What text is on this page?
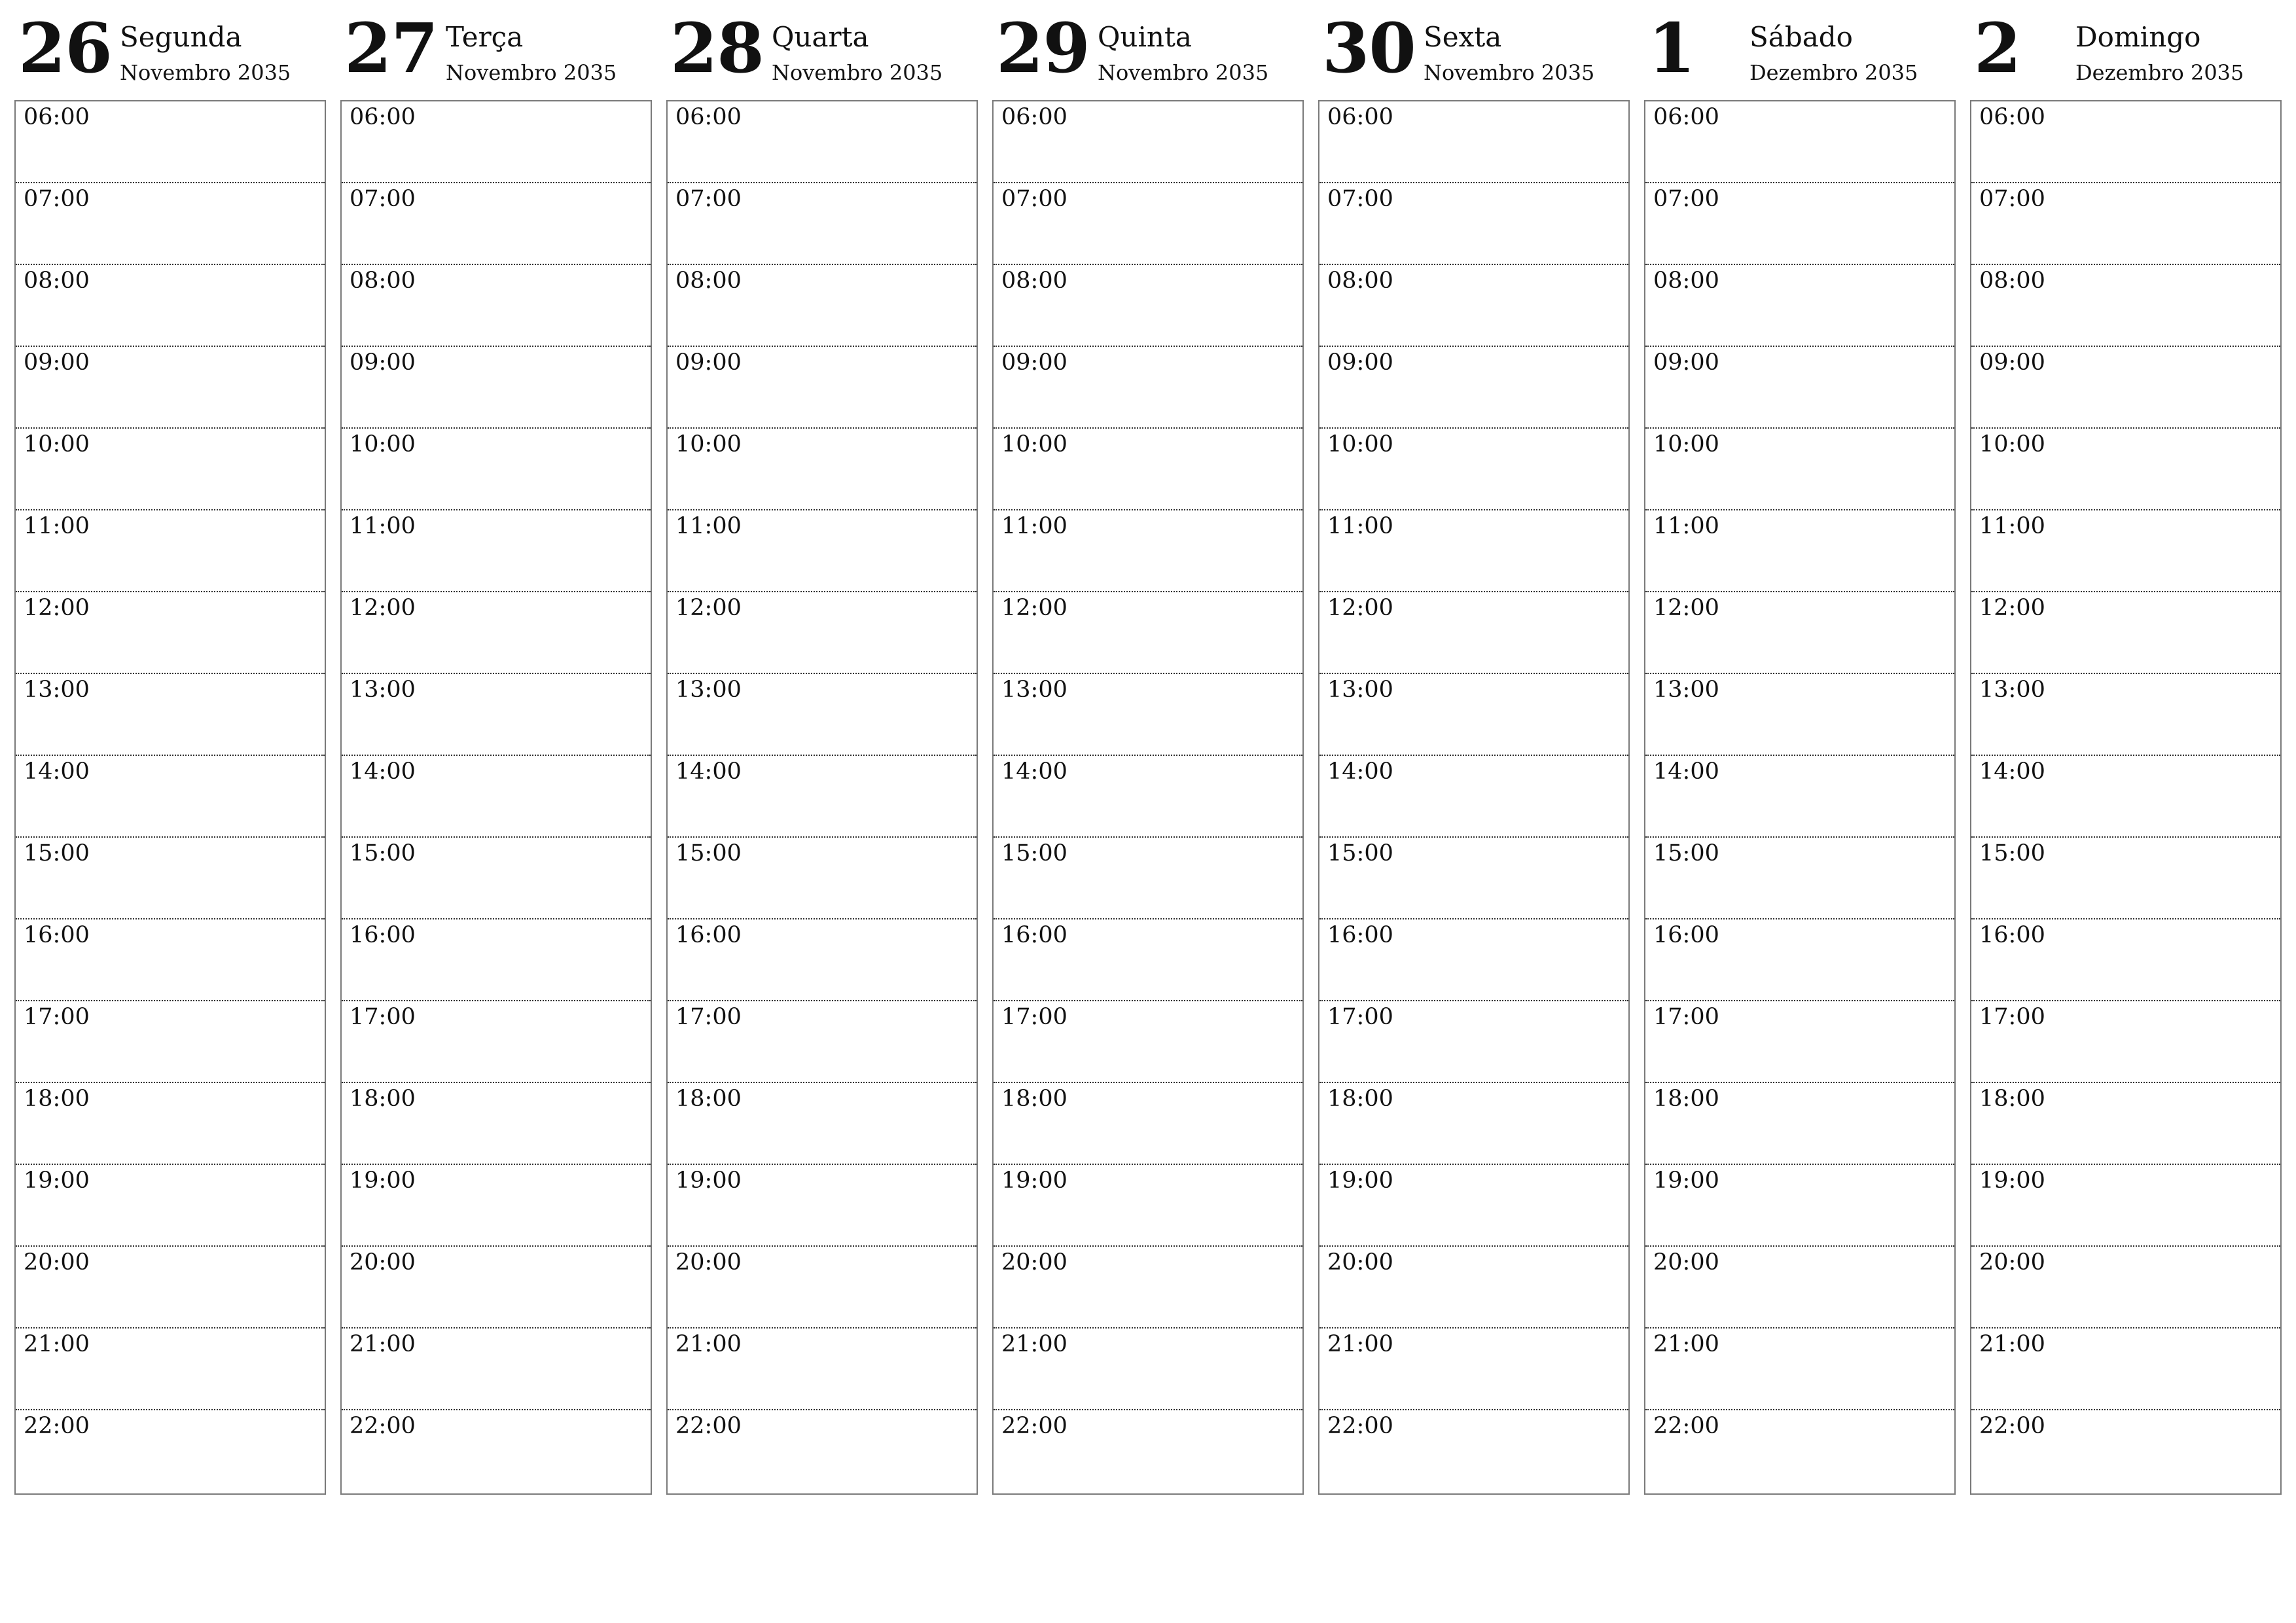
26 Segunda
Novembro 2035
06:00
07:00
08:00
09:00
10:00
11:00
12:00
13:00
14:00
15:00
16:00
17:00
18:00
19:00
20:00
21:00
22:00
27 Terça
Novembro 2035
06:00
07:00
08:00
09:00
10:00
11:00
12:00
13:00
14:00
15:00
16:00
17:00
18:00
19:00
20:00
21:00
22:00
28 Quarta
Novembro 2035
06:00
07:00
08:00
09:00
10:00
11:00
12:00
13:00
14:00
15:00
16:00
17:00
18:00
19:00
20:00
21:00
22:00
29 Quinta
Novembro 2035
06:00
07:00
08:00
09:00
10:00
11:00
12:00
13:00
14:00
15:00
16:00
17:00
18:00
19:00
20:00
21:00
22:00
30 Sexta
Novembro 2035
06:00
07:00
08:00
09:00
10:00
11:00
12:00
13:00
14:00
15:00
16:00
17:00
18:00
19:00
20:00
21:00
22:00
1 Sábado
Dezembro 2035
06:00
07:00
08:00
09:00
10:00
11:00
12:00
13:00
14:00
15:00
16:00
17:00
18:00
19:00
20:00
21:00
22:00
2 Domingo
Dezembro 2035
06:00
07:00
08:00
09:00
10:00
11:00
12:00
13:00
14:00
15:00
16:00
17:00
18:00
19:00
20:00
21:00
22:00
